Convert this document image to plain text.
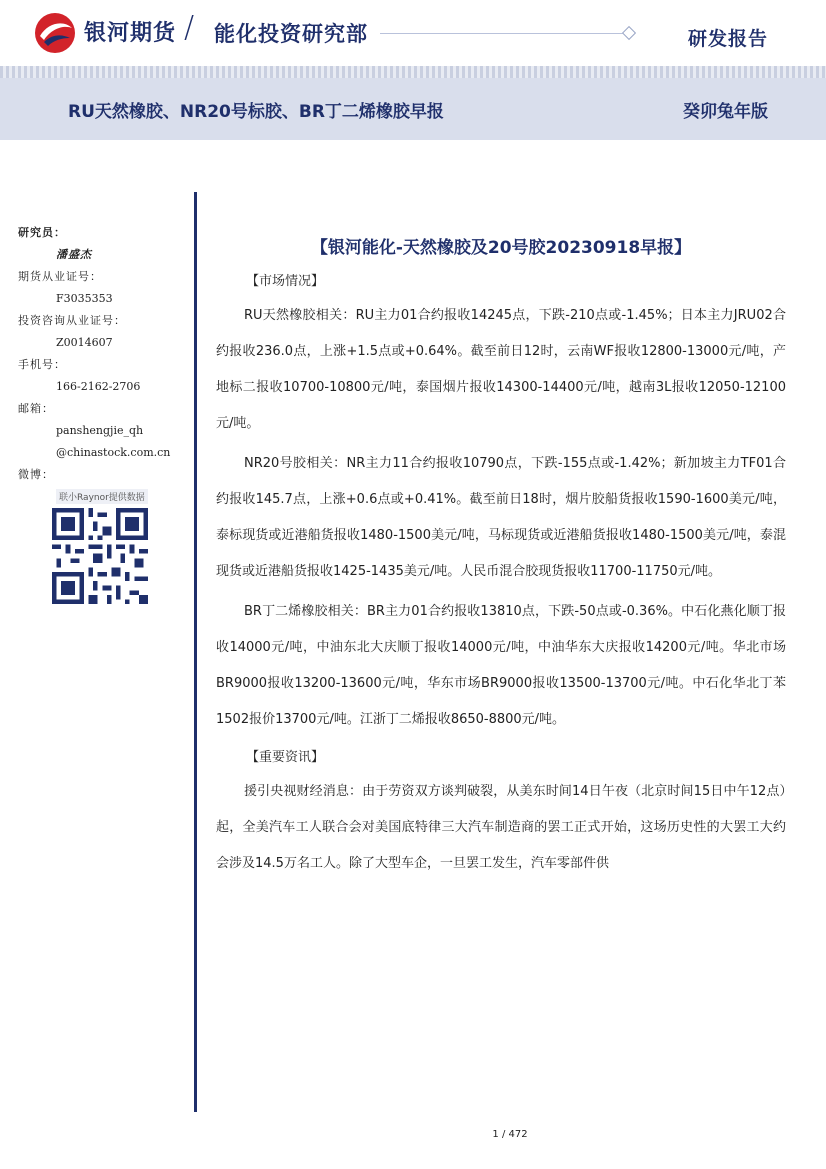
银河期货 / 能化投资研究部	研发报告
RU天然橡胶、NR20号标胶、BR丁二烯橡胶早报	癸卯兔年版
研究员：
潘盛杰
期货从业证号：
F3035353
投资咨询从业证号：
Z0014607
手机号：
166-2162-2706
邮箱：
panshengjie_qh
@chinastock.com.cn
微博：
联小Raynor提供数据
【银河能化-天然橡胶及20号胶20230918早报】
【市场情况】

RU天然橡胶相关：RU主力01合约报收14245点，下跌-210点或-1.45%；日本主力JRU02合约报收236.0点，上涨+1.5点或+0.64%。截至前日12时，云南WF报收12800-13000元/吨，产地标二报收10700-10800元/吨，泰国烟片报收14300-14400元/吨，越南3L报收12050-12100元/吨。

NR20号胶相关：NR主力11合约报收10790点，下跌-155点或-1.42%；新加坡主力TF01合约报收145.7点，上涨+0.6点或+0.41%。截至前日18时，烟片胶船货报收1590-1600美元/吨，泰标现货或近港船货报收1480-1500美元/吨，马标现货或近港船货报收1480-1500美元/吨，泰混现货或近港船货报收1425-1435美元/吨。人民币混合胶现货报收11700-11750元/吨。

BR丁二烯橡胶相关：BR主力01合约报收13810点，下跌-50点或-0.36%。中石化燕化顺丁报收14000元/吨，中油东北大庆顺丁报收14000元/吨，中油华东大庆报收14200元/吨。华北市场BR9000报收13200-13600元/吨，华东市场BR9000报收13500-13700元/吨。中石化华北丁苯1502报价13700元/吨。江浙丁二烯报收8650-8800元/吨。

【重要资讯】

援引央视财经消息：由于劳资双方谈判破裂，从美东时间14日午夜（北京时间15日中午12点）起，全美汽车工人联合会对美国底特律三大汽车制造商的罢工正式开始，这场历史性的大罢工大约会涉及14.5万名工人。除了大型车企，一旦罢工发生，汽车零部件供

1 / 472
